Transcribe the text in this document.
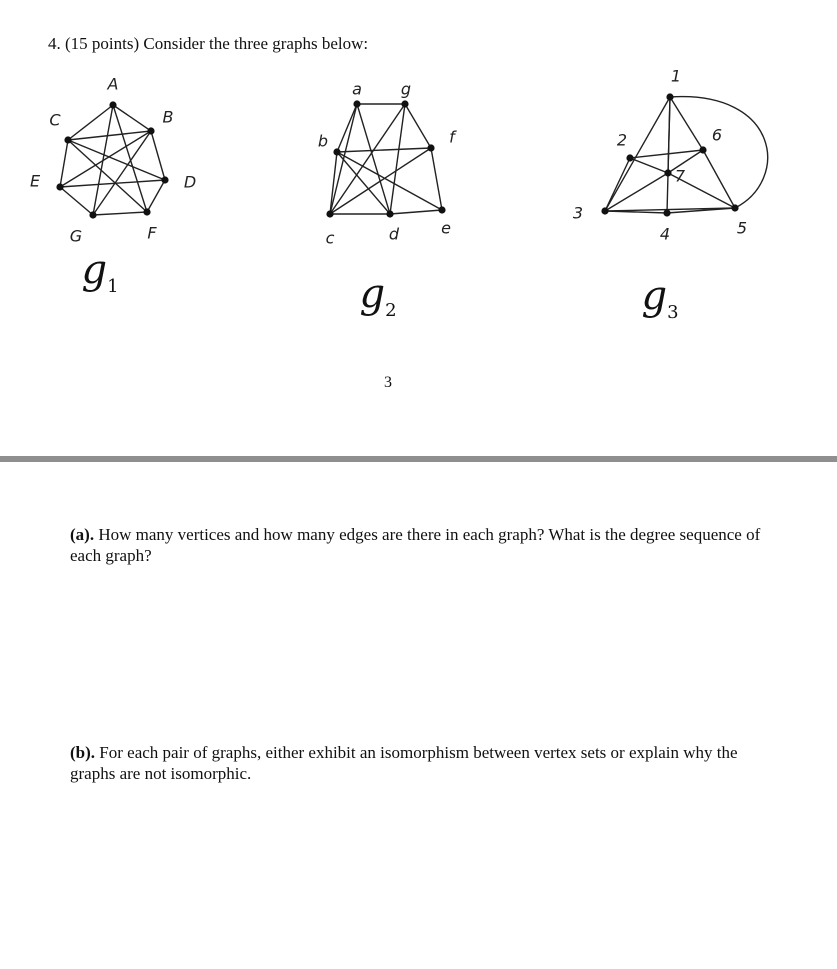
4. (15 points) Consider the three graphs below:
A
B
C
D
E
F
G
$g_1$
a g
b	f
c	d	e
$g_2$
1
2
3
4	5
6
7
$g_3$
3
(a). How many vertices and how many edges are there in each graph? What is the degree sequence of each graph?
(b). For each pair of graphs, either exhibit an isomorphism between vertex sets or explain why the graphs are not isomorphic.
